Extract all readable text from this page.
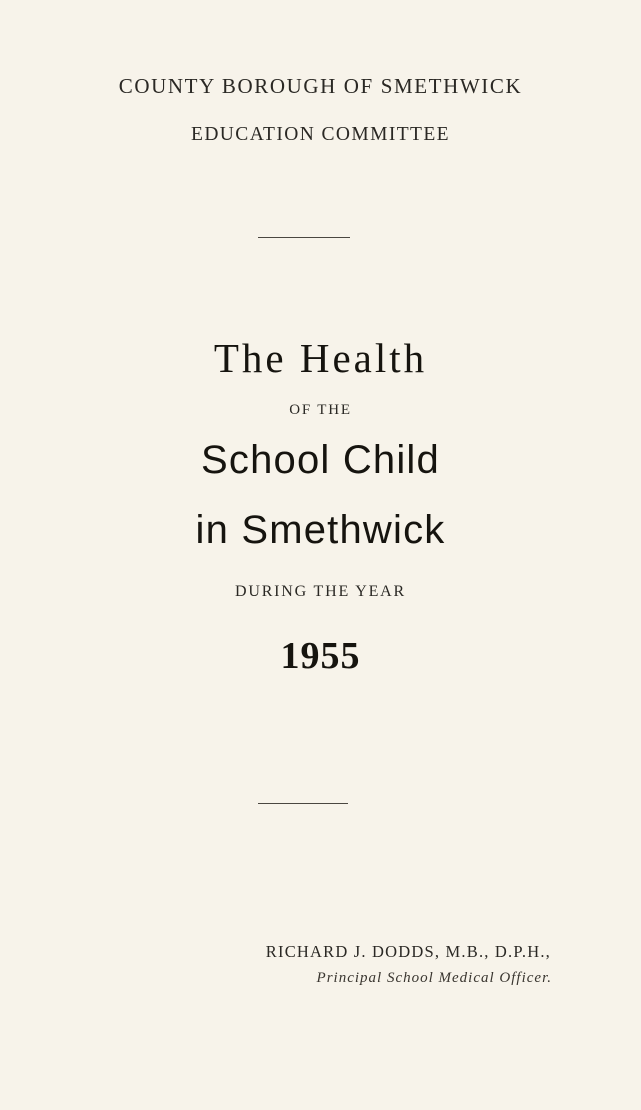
COUNTY BOROUGH OF SMETHWICK
EDUCATION COMMITTEE
The Health
OF THE
School Child
in Smethwick
DURING THE YEAR
1955
RICHARD J. DODDS, M.B., D.P.H.,
Principal School Medical Officer.
